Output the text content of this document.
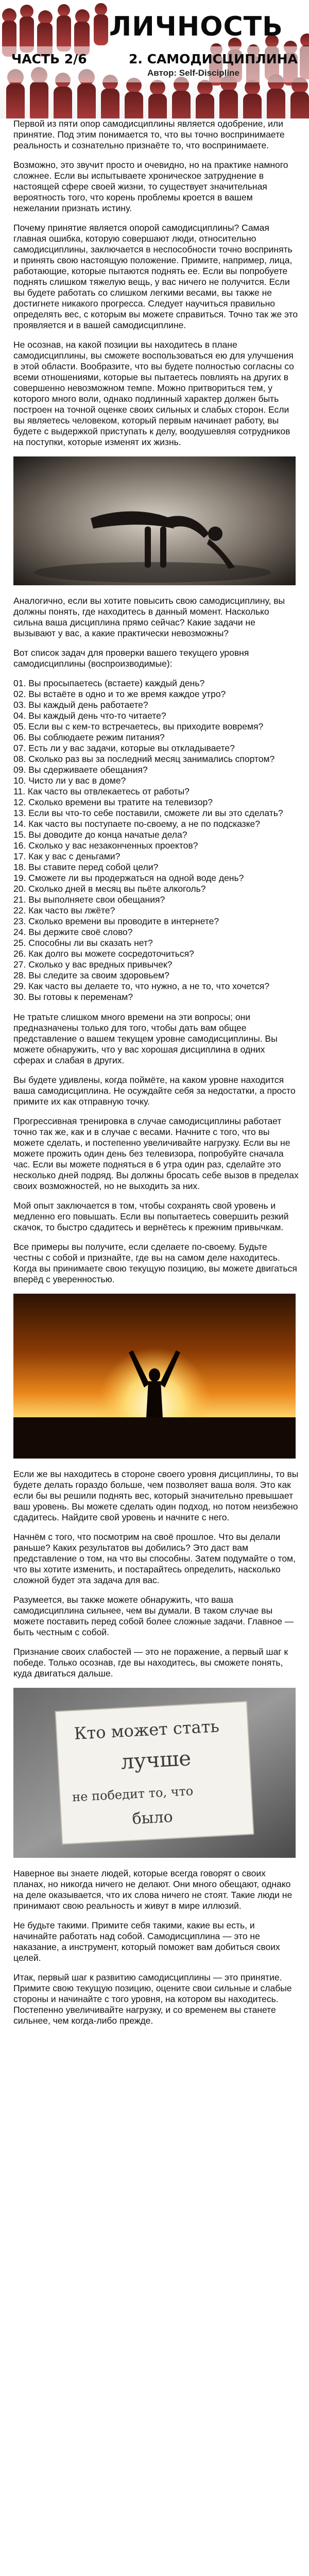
ЛИЧНОСТЬ
ЧАСТЬ 2/6	2. САМОДИСЦИПЛИНА
Автор: Self-Discipline

Первой из пяти опор самодисциплины является одобрение, или принятие. Под этим понимается то, что вы точно воспринимаете реальность и сознательно признаёте то, что воспринимаете.

Возможно, это звучит просто и очевидно, но на практике намного сложнее. Если вы испытываете хроническое затруднение в настоящей сфере своей жизни, то существует значительная вероятность того, что корень проблемы кроется в вашем нежелании признать истину.

Почему принятие является опорой самодисциплины? Самая главная ошибка, которую совершают люди, относительно самодисциплины, заключается в неспособности точно воспринять и принять свою настоящую положение. Примите, например, лица, работающие, которые пытаются поднять ее. Если вы попробуете поднять слишком тяжелую вещь, у вас ничего не получится. Если вы будете работать со слишком легкими весами, вы также не достигнете никакого прогресса. Следует научиться правильно определять вес, с которым вы можете справиться. Точно так же это проявляется и в вашей самодисциплине.

Не осознав, на какой позиции вы находитесь в плане самодисциплины, вы сможете воспользоваться ею для улучшения в этой области. Вообразите, что вы будете полностью согласны со всеми отношениями, которые вы пытаетесь повлиять на других в совершенно невозможном темпе. Можно притвориться тем, у которого много воли, однако подлинный характер должен быть построен на точной оценке своих сильных и слабых сторон. Если вы являетесь человеком, который первым начинает работу, вы будете с выдержкой приступать к делу, воодушевляя сотрудников на поступки, которые изменят их жизнь.

Аналогично, если вы хотите повысить свою самодисциплину, вы должны понять, где находитесь в данный момент. Насколько сильна ваша дисциплина прямо сейчас? Какие задачи не вызывают у вас, а какие практически невозможны?

Вот список задач для проверки вашего текущего уровня самодисциплины (воспроизводимые):

01. Вы просыпаетесь (встаете) каждый день?
02. Вы встаёте в одно и то же время каждое утро?
03. Вы каждый день работаете?
04. Вы каждый день что-то читаете?
05. Если вы с кем-то встречаетесь, вы приходите вовремя?
06. Вы соблюдаете режим питания?
07. Есть ли у вас задачи, которые вы откладываете?
08. Сколько раз вы за последний месяц занимались спортом?
09. Вы сдерживаете обещания?
10. Чисто ли у вас в доме?
11. Как часто вы отвлекаетесь от работы?
12. Сколько времени вы тратите на телевизор?
13. Если вы что-то себе поставили, сможете ли вы это сделать?
14. Как часто вы поступаете по-своему, а не по подсказке?
15. Вы доводите до конца начатые дела?
16. Сколько у вас незаконченных проектов?
17. Как у вас с деньгами?
18. Вы ставите перед собой цели?
19. Сможете ли вы продержаться на одной воде день?
20. Сколько дней в месяц вы пьёте алкоголь?
21. Вы выполняете свои обещания?
22. Как часто вы лжёте?
23. Сколько времени вы проводите в интернете?
24. Вы держите своё слово?
25. Способны ли вы сказать нет?
26. Как долго вы можете сосредоточиться?
27. Сколько у вас вредных привычек?
28. Вы следите за своим здоровьем?
29. Как часто вы делаете то, что нужно, а не то, что хочется?
30. Вы готовы к переменам?

Не тратьте слишком много времени на эти вопросы; они предназначены только для того, чтобы дать вам общее представление о вашем текущем уровне самодисциплины. Вы можете обнаружить, что у вас хорошая дисциплина в одних сферах и слабая в других.

Вы будете удивлены, когда поймёте, на каком уровне находится ваша самодисциплина. Не осуждайте себя за недостатки, а просто примите их как отправную точку.

Прогрессивная тренировка в случае самодисциплины работает точно так же, как и в случае с весами. Начните с того, что вы можете сделать, и постепенно увеличивайте нагрузку. Если вы не можете прожить один день без телевизора, попробуйте сначала час. Если вы можете подняться в 6 утра один раз, сделайте это несколько дней подряд. Вы должны бросать себе вызов в пределах своих возможностей, но не выходить за них.

Мой опыт заключается в том, чтобы сохранять свой уровень и медленно его повышать. Если вы попытаетесь совершить резкий скачок, то быстро сдадитесь и вернётесь к прежним привычкам.

Все примеры вы получите, если сделаете по-своему. Будьте честны с собой и признайте, где вы на самом деле находитесь. Когда вы принимаете свою текущую позицию, вы можете двигаться вперёд с уверенностью.

Если же вы находитесь в стороне своего уровня дисциплины, то вы будете делать гораздо больше, чем позволяет ваша воля. Это как если бы вы решили поднять вес, который значительно превышает ваш уровень. Вы можете сделать один подход, но потом неизбежно сдадитесь. Найдите свой уровень и начните с него.

Начнём с того, что посмотрим на своё прошлое. Что вы делали раньше? Каких результатов вы добились? Это даст вам представление о том, на что вы способны. Затем подумайте о том, что вы хотите изменить, и постарайтесь определить, насколько сложной будет эта задача для вас.

Разумеется, вы также можете обнаружить, что ваша самодисциплина сильнее, чем вы думали. В таком случае вы можете поставить перед собой более сложные задачи. Главное — быть честным с собой.

Признание своих слабостей — это не поражение, а первый шаг к победе. Только осознав, где вы находитесь, вы сможете понять, куда двигаться дальше.

Кто может стать
лучше
не победит то, что
было

Наверное вы знаете людей, которые всегда говорят о своих планах, но никогда ничего не делают. Они много обещают, однако на деле оказывается, что их слова ничего не стоят. Такие люди не принимают свою реальность и живут в мире иллюзий.

Не будьте такими. Примите себя такими, какие вы есть, и начинайте работать над собой. Самодисциплина — это не наказание, а инструмент, который поможет вам добиться своих целей.

Итак, первый шаг к развитию самодисциплины — это принятие. Примите свою текущую позицию, оцените свои сильные и слабые стороны и начинайте с того уровня, на котором вы находитесь. Постепенно увеличивайте нагрузку, и со временем вы станете сильнее, чем когда-либо прежде.
